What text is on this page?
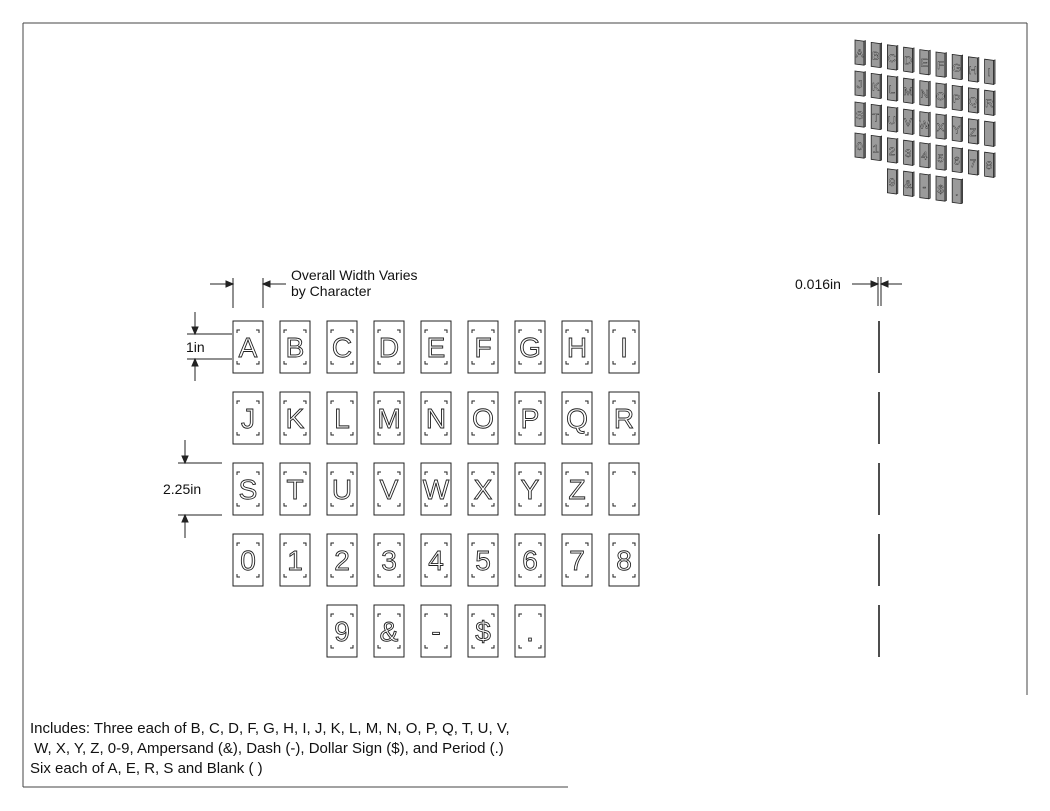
A B C D E F G H I
J K L M N O P Q R
S T U V W X Y Z
0 1 2 3 4 5 6 7 8
9 & - $ .
A B C D E F G H I
J K L M N O P Q R
S T U V W X Y Z
0 1 2 3 4 5 6 7 8
9 & - $ .
Overall Width Varies
by Character
1in
2.25in
0.016in
Includes: Three each of B, C, D, F, G, H, I, J, K, L, M, N, O, P, Q, T, U, V,
W, X, Y, Z, 0-9, Ampersand (&), Dash (-), Dollar Sign ($), and Period (.)
Six each of A, E, R, S and Blank ( )
